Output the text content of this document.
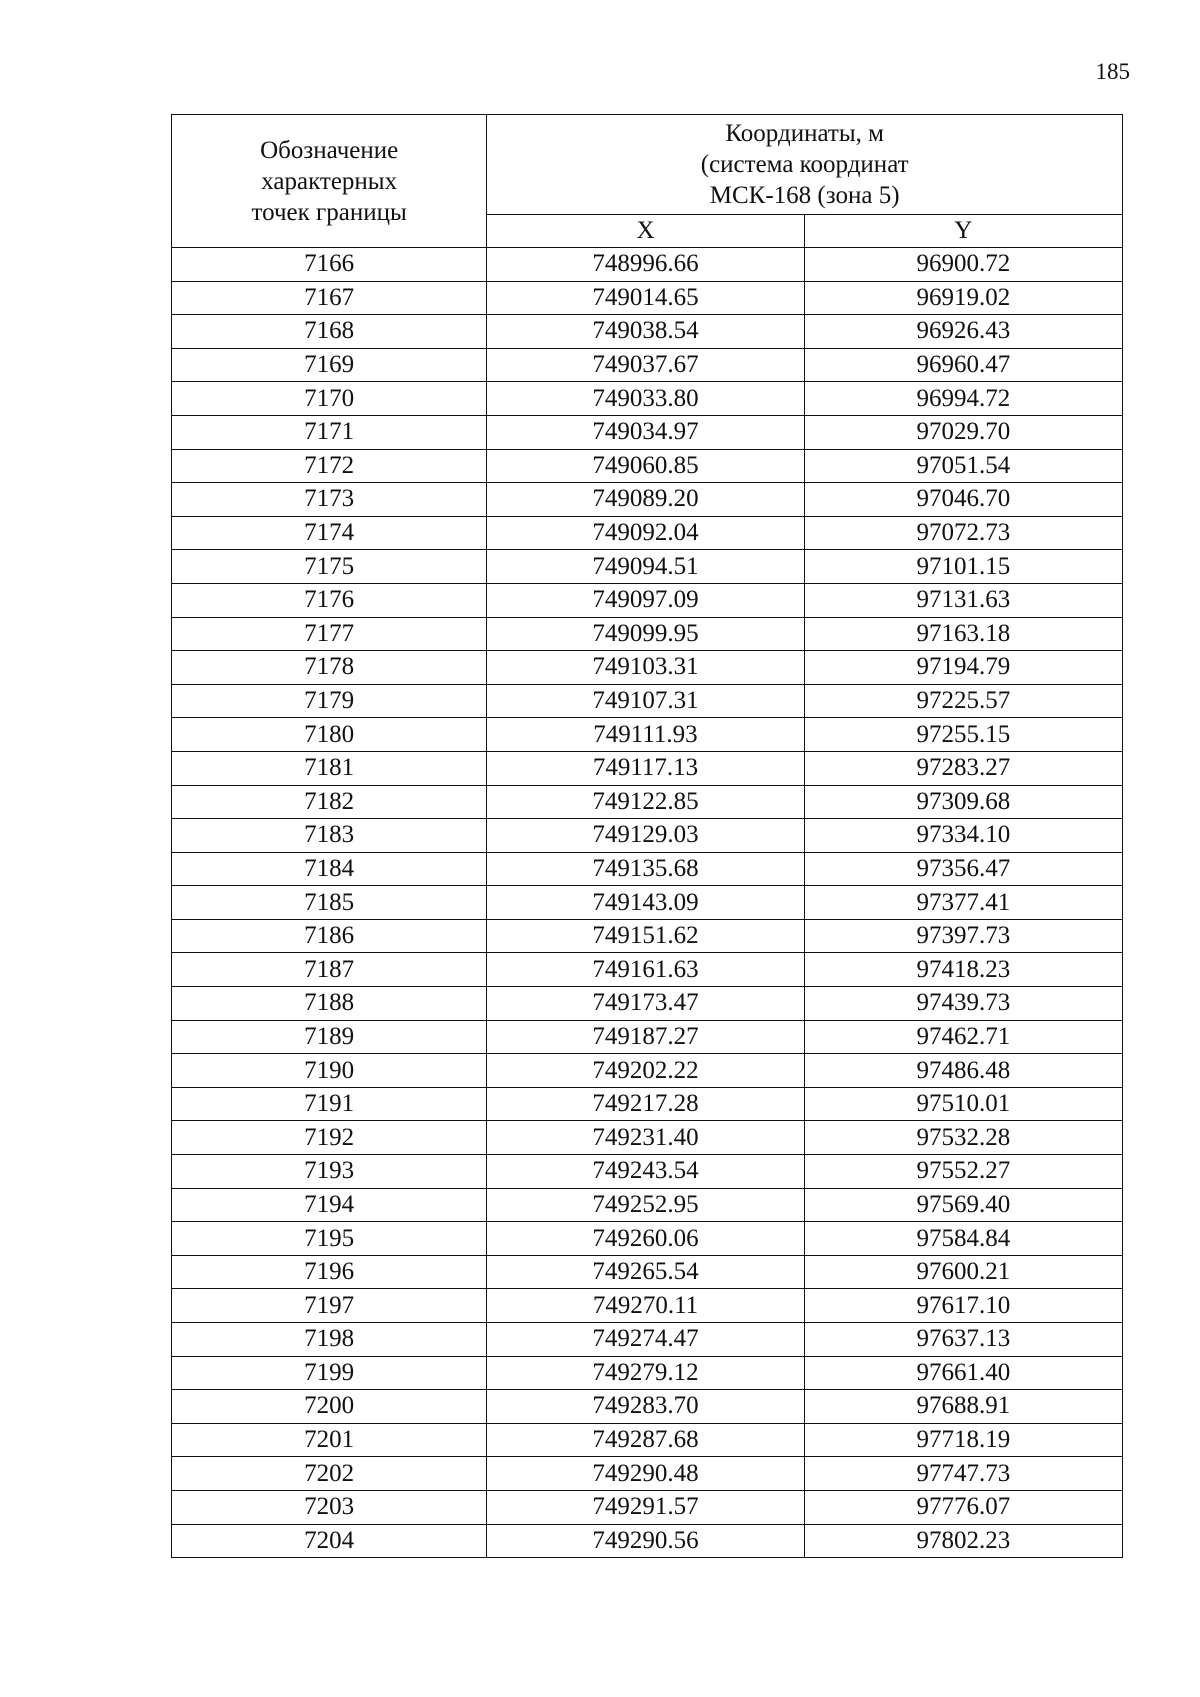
185
Обозначение
характерных
точек границы	Координаты, м
(система координат
МСК-168 (зона 5)	

	X	Y
7166	748996.66	96900.72
7167	749014.65	96919.02
7168	749038.54	96926.43
7169	749037.67	96960.47
7170	749033.80	96994.72
7171	749034.97	97029.70
7172	749060.85	97051.54
7173	749089.20	97046.70
7174	749092.04	97072.73
7175	749094.51	97101.15
7176	749097.09	97131.63
7177	749099.95	97163.18
7178	749103.31	97194.79
7179	749107.31	97225.57
7180	749111.93	97255.15
7181	749117.13	97283.27
7182	749122.85	97309.68
7183	749129.03	97334.10
7184	749135.68	97356.47
7185	749143.09	97377.41
7186	749151.62	97397.73
7187	749161.63	97418.23
7188	749173.47	97439.73
7189	749187.27	97462.71
7190	749202.22	97486.48
7191	749217.28	97510.01
7192	749231.40	97532.28
7193	749243.54	97552.27
7194	749252.95	97569.40
7195	749260.06	97584.84
7196	749265.54	97600.21
7197	749270.11	97617.10
7198	749274.47	97637.13
7199	749279.12	97661.40
7200	749283.70	97688.91
7201	749287.68	97718.19
7202	749290.48	97747.73
7203	749291.57	97776.07
7204	749290.56	97802.23
